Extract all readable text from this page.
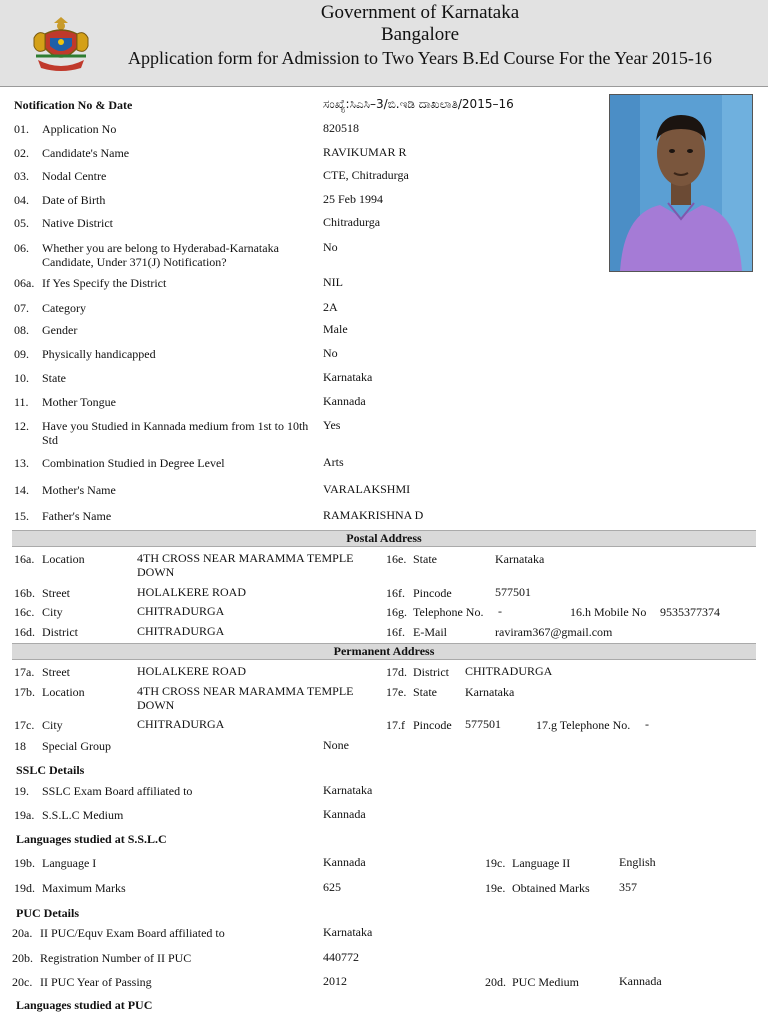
Government of Karnataka
Bangalore
Application form for Admission to Two Years B.Ed Course For the Year 2015-16
Notification No & Date	ಸಂಖ್ಯೆ:ಸಿಎಸಿ–3/ಬಿ.ಇಡಿ ದಾಖಲಾತಿ/2015–16
01. Application No	820518
02. Candidate's Name	RAVIKUMAR R
03. Nodal Centre	CTE, Chitradurga
04. Date of Birth	25 Feb 1994
05. Native District	Chitradurga
06. Whether you are belong to Hyderabad-Karnataka Candidate, Under 371(J) Notification?
No
06a. If Yes Specify the District	NIL
07. Category	2A
08. Gender	Male
09. Physically handicapped	No
10. State	Karnataka
11. Mother Tongue	Kannada
12. Have you Studied in Kannada medium from 1st to 10th Std
Yes
13. Combination Studied in Degree Level	Arts
14. Mother's Name	VARALAKSHMI
15. Father's Name	RAMAKRISHNA D
Postal Address
16a. Location	4TH CROSS NEAR MARAMMA TEMPLE DOWN
16e. State	Karnataka
16b. Street	HOLALKERE ROAD	16f. Pincode	577501
16c. City	CHITRADURGA	16g. Telephone No. -	16.h Mobile No 9535377374
16d. District	CHITRADURGA	16f. E-Mail	raviram367@gmail.com
Permanent Address
17a. Street	HOLALKERE ROAD	17d. District CHITRADURGA
17b. Location	4TH CROSS NEAR MARAMMA TEMPLE DOWN
17e. State Karnataka
17c. City	CHITRADURGA	17.f Pincode 577501	17.g Telephone No. -
18 Special Group	None
SSLC Details
19. SSLC Exam Board affiliated to	Karnataka
19a. S.S.L.C Medium	Kannada
Languages studied at S.S.L.C
19b. Language I	Kannada	19c. Language II	English
19d. Maximum Marks	625	19e. Obtained Marks 357
PUC Details
20a. II PUC/Equv Exam Board affiliated to	Karnataka
20b. Registration Number of II PUC	440772
20c. II PUC Year of Passing	2012	20d. PUC Medium	Kannada
Languages studied at PUC
